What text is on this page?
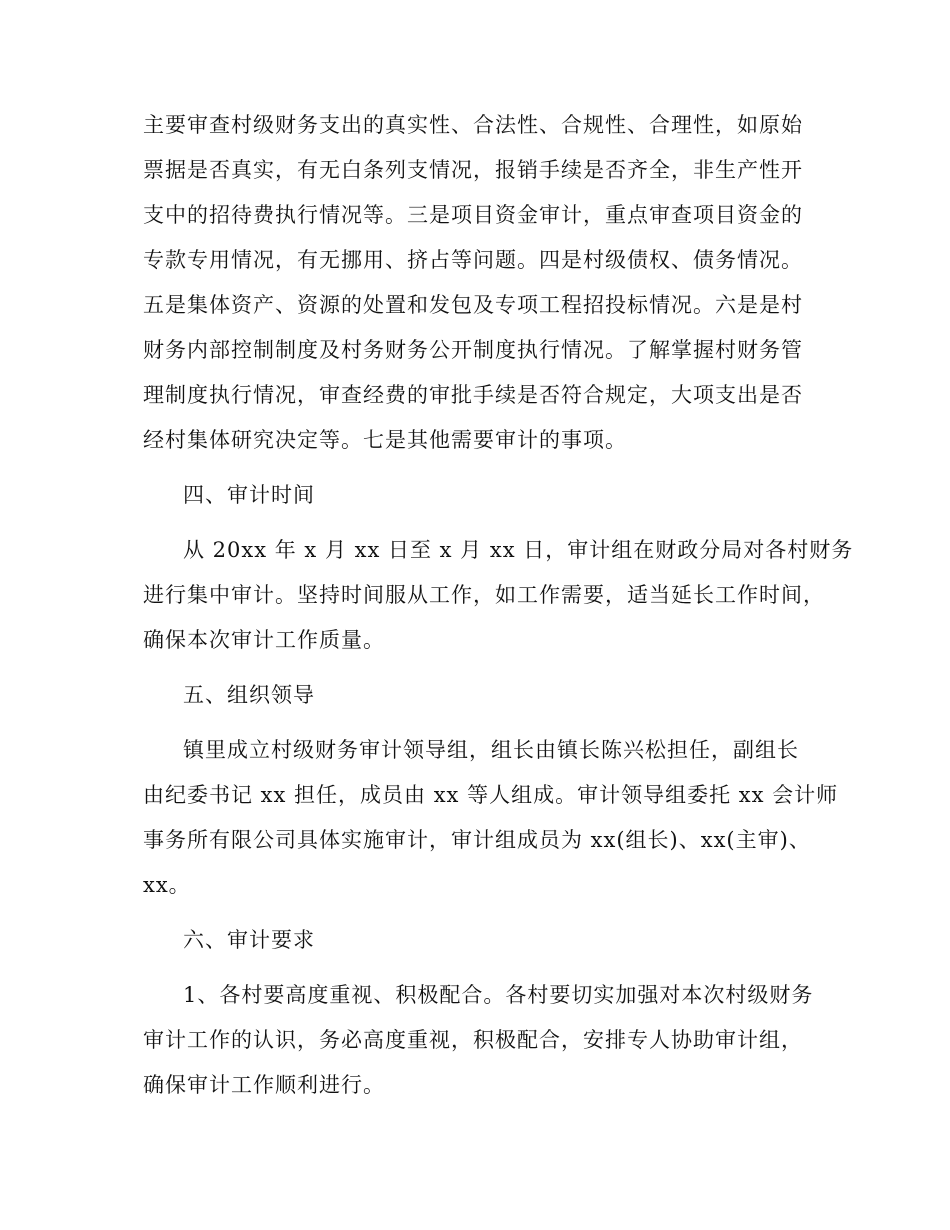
主要审查村级财务支出的真实性、合法性、合规性、合理性，如原始
票据是否真实，有无白条列支情况，报销手续是否齐全，非生产性开
支中的招待费执行情况等。三是项目资金审计，重点审查项目资金的
专款专用情况，有无挪用、挤占等问题。四是村级债权、债务情况。
五是集体资产、资源的处置和发包及专项工程招投标情况。六是是村
财务内部控制制度及村务财务公开制度执行情况。了解掌握村财务管
理制度执行情况，审查经费的审批手续是否符合规定，大项支出是否
经村集体研究决定等。七是其他需要审计的事项。
四、审计时间
从 20xx 年 x 月 xx 日至 x 月 xx 日，审计组在财政分局对各村财务
进行集中审计。坚持时间服从工作，如工作需要，适当延长工作时间，
确保本次审计工作质量。
五、组织领导
镇里成立村级财务审计领导组，组长由镇长陈兴松担任，副组长
由纪委书记 xx 担任，成员由 xx 等人组成。审计领导组委托 xx 会计师
事务所有限公司具体实施审计，审计组成员为 xx(组长)、xx(主审)、
xx。
六、审计要求
1、各村要高度重视、积极配合。各村要切实加强对本次村级财务
审计工作的认识，务必高度重视，积极配合，安排专人协助审计组，
确保审计工作顺利进行。
